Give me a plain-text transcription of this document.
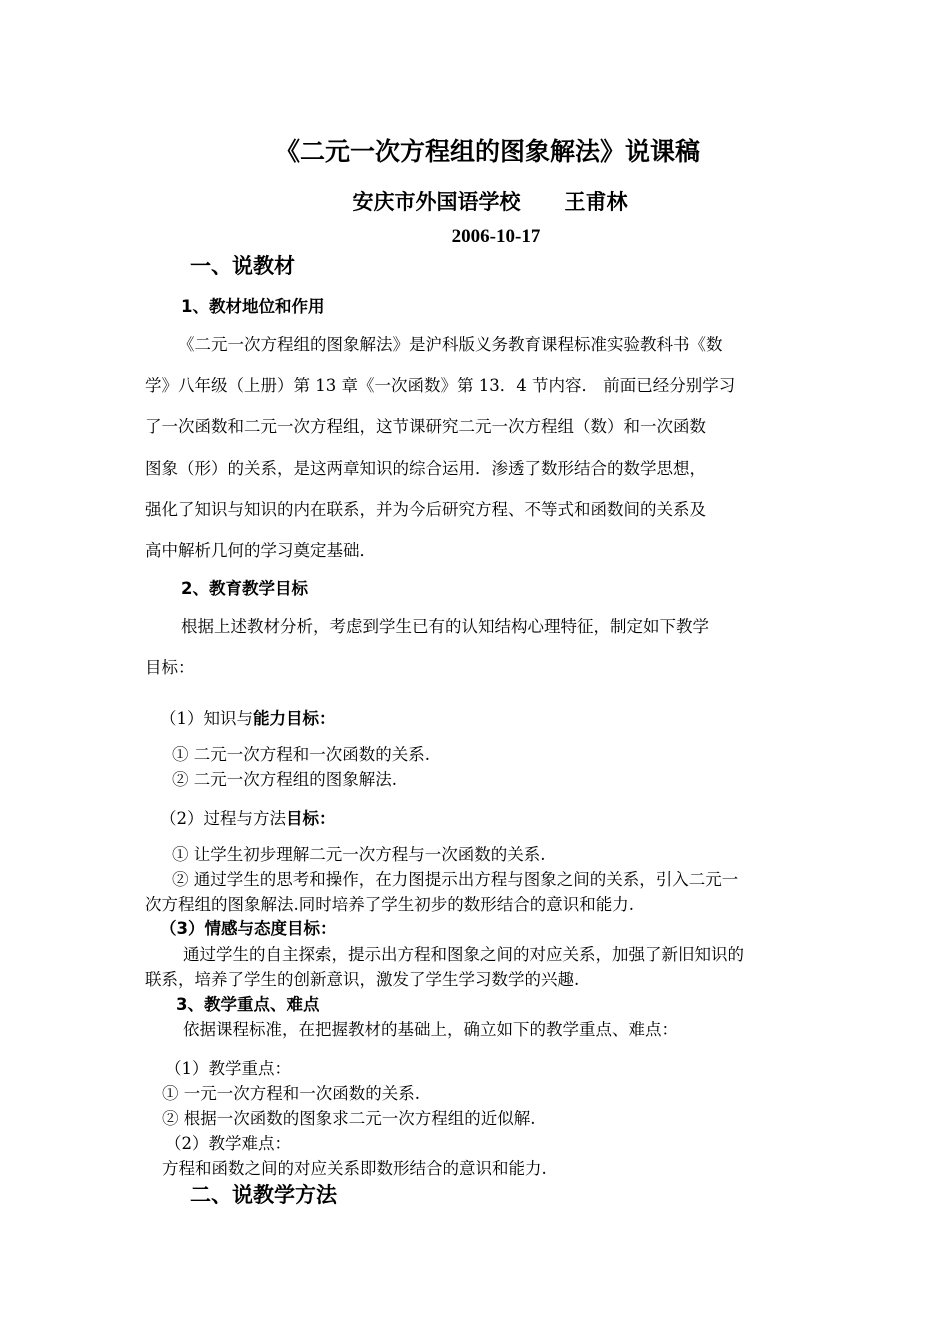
《二元一次方程组的图象解法》说课稿
安庆市外国语学校 王甫林
2006-10-17
一、说教材
1、教材地位和作用
《二元一次方程组的图象解法》是沪科版义务教育课程标准实验教科书《数
学》八年级（上册）第 13 章《一次函数》第 13．4 节内容． 前面已经分别学习
了一次函数和二元一次方程组，这节课研究二元一次方程组（数）和一次函数
图象（形）的关系，是这两章知识的综合运用．渗透了数形结合的数学思想，
强化了知识与知识的内在联系，并为今后研究方程、不等式和函数间的关系及
高中解析几何的学习奠定基础．
2、教育教学目标
根据上述教材分析，考虑到学生已有的认知结构心理特征，制定如下教学
目标：
（1）知识与能力目标：
① 二元一次方程和一次函数的关系.
② 二元一次方程组的图象解法.
（2）过程与方法目标：
① 让学生初步理解二元一次方程与一次函数的关系.
② 通过学生的思考和操作，在力图提示出方程与图象之间的关系，引入二元一
次方程组的图象解法.同时培养了学生初步的数形结合的意识和能力.
（3）情感与态度目标：
通过学生的自主探索，提示出方程和图象之间的对应关系，加强了新旧知识的
联系，培养了学生的创新意识，激发了学生学习数学的兴趣.
3、教学重点、难点
依据课程标准，在把握教材的基础上，确立如下的教学重点、难点：
（1）教学重点：
① 一元一次方程和一次函数的关系.
② 根据一次函数的图象求二元一次方程组的近似解.
（2）教学难点：
方程和函数之间的对应关系即数形结合的意识和能力.
二、说教学方法
